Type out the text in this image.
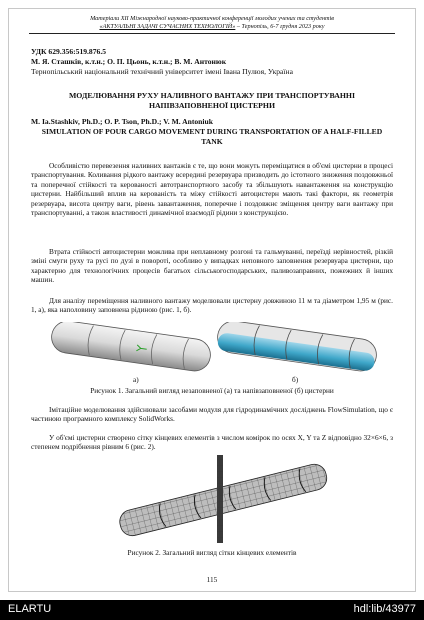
Матеріали ХІІ Міжнародної науково-практичної конференції молодих учених та студентів
«АКТУАЛЬНІ ЗАДАЧІ СУЧАСНИХ ТЕХНОЛОГІЙ» – Тернопіль, 6-7 грудня 2023 року
УДК 629.356:519.876.5
М. Я. Сташків, к.т.н.; О. П. Цьонь, к.т.н.; В. М. Антонюк
Тернопільський національний технічний університет імені Івана Пулюя, Україна
МОДЕЛЮВАННЯ РУХУ НАЛИВНОГО ВАНТАЖУ ПРИ ТРАНСПОРТУВАННІ НАПІВЗАПОВНЕНОЇ ЦИСТЕРНИ
M. Ia.Stashkiv, Ph.D.; O. P. Tson, Ph.D.; V. M. Antoniuk
SIMULATION OF POUR CARGO MOVEMENT DURING TRANSPORTATION OF A HALF-FILLED TANK
Особливістю перевезення наливних вантажів є те, що вони можуть переміщатися в об'ємі цистерни в процесі транспортування. Коливання рідкого вантажу всередині резервуара призводить до істотного зниження поздовжньої та поперечної стійкості та керованості автотранспортного засобу та збільшують навантаження на конструкцію цистерни. Найбільший вплив на керованість та міжу стійкості автоцистерн мають такі фактори, як геометрія резервуара, висота центру ваги, рівень завантаження, поперечне і поздовжнє зміщення центру ваги вантажу при транспортуванні, а також властивості динамічної взаємодії рідини з конструкцією.
Втрата стійкості автоцистерни можлива при неплавному розгоні та гальмуванні, переїзді нерівностей, різкій зміні смуги руху та русі по дузі в повороті, особливо у випадках неповного заповнення резервуара цистерни, що характерно для технологічних процесів багатьох сільськогосподарських, паливозаправних, пожежних й інших машин.
Для аналізу переміщення наливного вантажу моделювали цистерну довжиною 11 м та діаметром 1,95 м (рис. 1, а), яка наполовину заповнена рідиною (рис. 1, б).
а)	б)
Рисунок 1. Загальний вигляд незаповненої (а) та напівзаповненої (б) цистерни
Імітаційне моделювання здійснювали засобами модуля для гідродинамічних досліджень FlowSimulation, що є частиною програмного комплексу SolidWorks.
У об'ємі цистерни створено сітку кінцевих елементів з числом комірок по осях X, Y та Z відповідно 32×6×6, з степенем подрібнення рівним 6 (рис. 2).
Рисунок 2. Загальний вигляд сітки кінцевих елементів
115
ELARTU	hdl:lib/43977
